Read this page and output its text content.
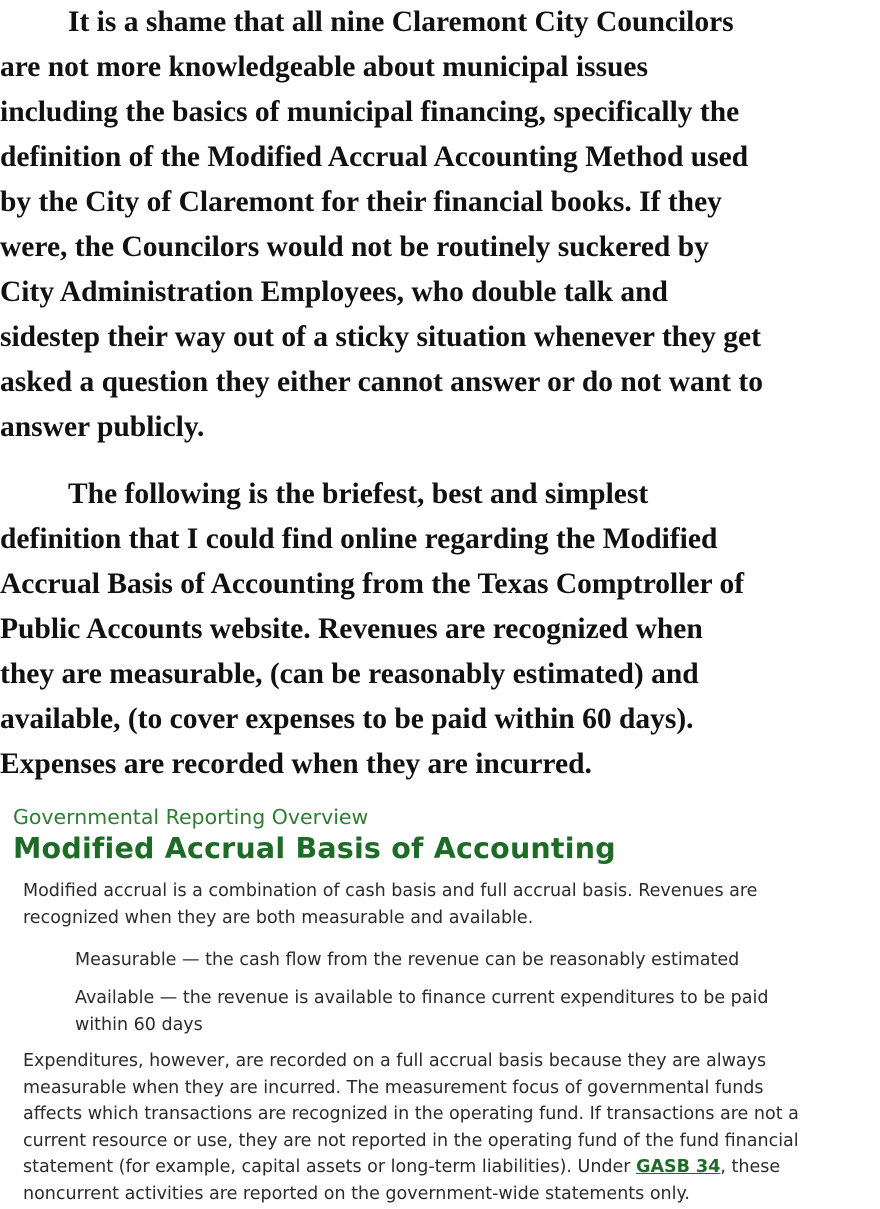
It is a shame that all nine Claremont City Councilors
are not more knowledgeable about municipal issues
including the basics of municipal financing, specifically the
definition of the Modified Accrual Accounting Method used
by the City of Claremont for their financial books. If they
were, the Councilors would not be routinely suckered by
City Administration Employees, who double talk and
sidestep their way out of a sticky situation whenever they get
asked a question they either cannot answer or do not want to
answer publicly.

The following is the briefest, best and simplest
definition that I could find online regarding the Modified
Accrual Basis of Accounting from the Texas Comptroller of
Public Accounts website. Revenues are recognized when
they are measurable, (can be reasonably estimated) and
available, (to cover expenses to be paid within 60 days).
Expenses are recorded when they are incurred.

Governmental Reporting Overview
Modified Accrual Basis of Accounting
Modified accrual is a combination of cash basis and full accrual basis. Revenues are
recognized when they are both measurable and available.
Measurable — the cash flow from the revenue can be reasonably estimated
Available — the revenue is available to finance current expenditures to be paid
within 60 days
Expenditures, however, are recorded on a full accrual basis because they are always
measurable when they are incurred. The measurement focus of governmental funds
affects which transactions are recognized in the operating fund. If transactions are not a
current resource or use, they are not reported in the operating fund of the fund financial
statement (for example, capital assets or long-term liabilities). Under GASB 34, these
noncurrent activities are reported on the government-wide statements only.
